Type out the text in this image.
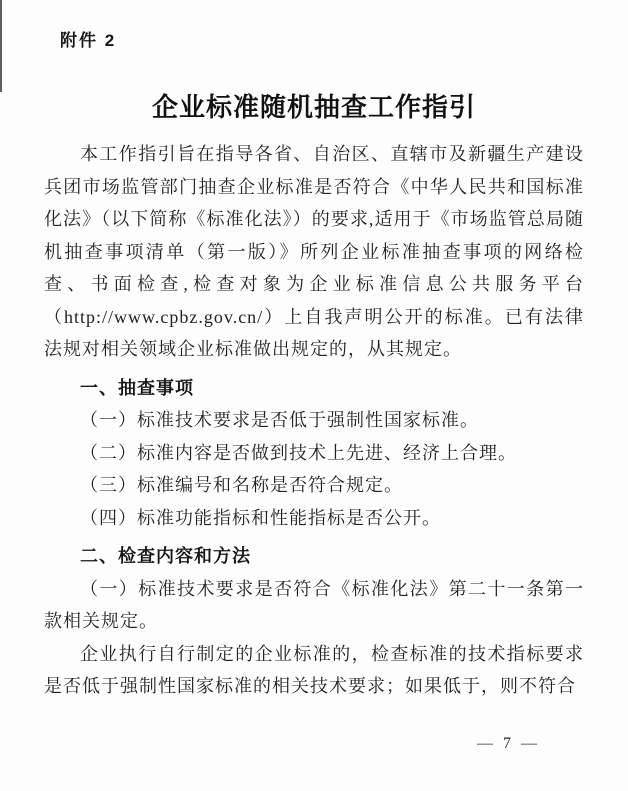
附件 2
企业标准随机抽查工作指引

本工作指引旨在指导各省、自治区、直辖市及新疆生产建设兵团市场监管部门抽查企业标准是否符合《中华人民共和国标准化法》（以下简称《标准化法》）的要求,适用于《市场监管总局随机抽查事项清单（第一版）》所列企业标准抽查事项的网络检查、书面检查,检查对象为企业标准信息公共服务平台（http://www.cpbz.gov.cn/）上自我声明公开的标准。已有法律法规对相关领域企业标准做出规定的，从其规定。

一、抽查事项

（一）标准技术要求是否低于强制性国家标准。

（二）标准内容是否做到技术上先进、经济上合理。

（三）标准编号和名称是否符合规定。

（四）标准功能指标和性能指标是否公开。

二、检查内容和方法

（一）标准技术要求是否符合《标准化法》第二十一条第一款相关规定。

企业执行自行制定的企业标准的，检查标准的技术指标要求是否低于强制性国家标准的相关技术要求；如果低于，则不符合

— 7 —
